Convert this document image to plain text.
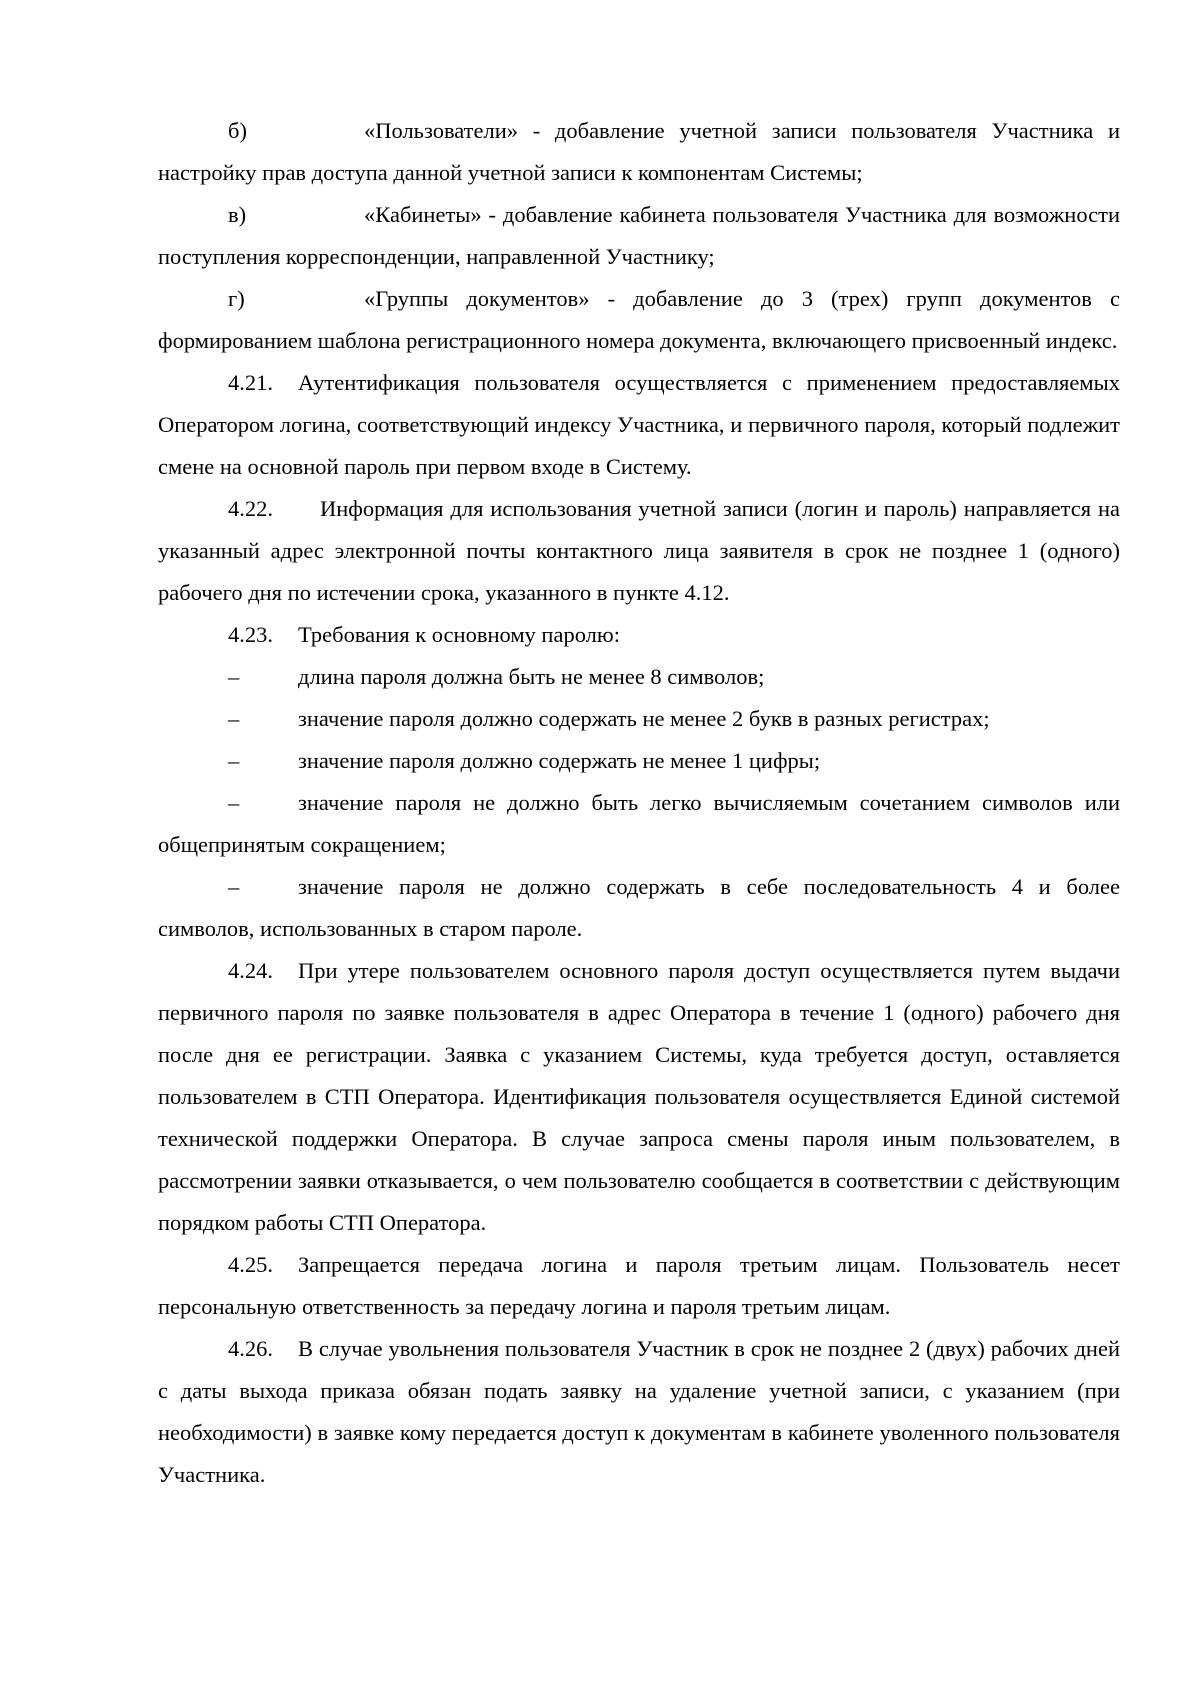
б)	«Пользователи» - добавление учетной записи пользователя Участника и настройку прав доступа данной учетной записи к компонентам Системы;

в)	«Кабинеты» - добавление кабинета пользователя Участника для возможности поступления корреспонденции, направленной Участнику;

г)	«Группы документов» - добавление до 3 (трех) групп документов с формированием шаблона регистрационного номера документа, включающего присвоенный индекс.

4.21. Аутентификация пользователя осуществляется с применением предоставляемых Оператором логина, соответствующий индексу Участника, и первичного пароля, который подлежит смене на основной пароль при первом входе в Систему.

4.22. Информация для использования учетной записи (логин и пароль) направляется на указанный адрес электронной почты контактного лица заявителя в срок не позднее 1 (одного) рабочего дня по истечении срока, указанного в пункте 4.12.

4.23. Требования к основному паролю:

–	длина пароля должна быть не менее 8 символов;

–	значение пароля должно содержать не менее 2 букв в разных регистрах;

–	значение пароля должно содержать не менее 1 цифры;

–	значение пароля не должно быть легко вычисляемым сочетанием символов или общепринятым сокращением;

–	значение пароля не должно содержать в себе последовательность 4 и более символов, использованных в старом пароле.

4.24. При утере пользователем основного пароля доступ осуществляется путем выдачи первичного пароля по заявке пользователя в адрес Оператора в течение 1 (одного) рабочего дня после дня ее регистрации. Заявка с указанием Системы, куда требуется доступ, оставляется пользователем в СТП Оператора. Идентификация пользователя осуществляется Единой системой технической поддержки Оператора. В случае запроса смены пароля иным пользователем, в рассмотрении заявки отказывается, о чем пользователю сообщается в соответствии с действующим порядком работы СТП Оператора.

4.25. Запрещается передача логина и пароля третьим лицам. Пользователь несет персональную ответственность за передачу логина и пароля третьим лицам.

4.26. В случае увольнения пользователя Участник в срок не позднее 2 (двух) рабочих дней с даты выхода приказа обязан подать заявку на удаление учетной записи, с указанием (при необходимости) в заявке кому передается доступ к документам в кабинете уволенного пользователя Участника.
